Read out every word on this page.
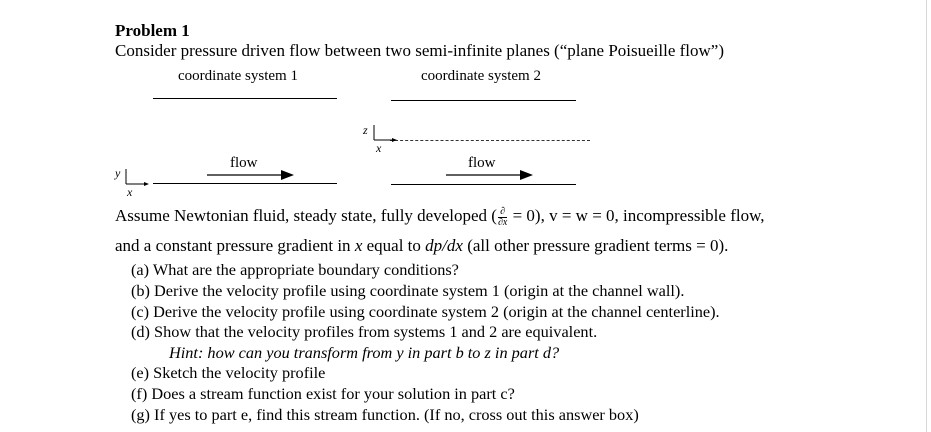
Problem 1
Consider pressure driven flow between two semi-infinite planes (“plane Poisueille flow”)
coordinate system 1	coordinate system 2
flow	flow
y
x
z
x
Assume Newtonian fluid, steady state, fully developed ( $\frac{\partial}{\partial x} = 0$), v = w = 0, incompressible flow,
and a constant pressure gradient in x equal to dp/dx (all other pressure gradient terms = 0).
(a) What are the appropriate boundary conditions?
(b) Derive the velocity profile using coordinate system 1 (origin at the channel wall).
(c) Derive the velocity profile using coordinate system 2 (origin at the channel centerline).
(d) Show that the velocity profiles from systems 1 and 2 are equivalent.
Hint: how can you transform from y in part b to z in part d?
(e) Sketch the velocity profile
(f) Does a stream function exist for your solution in part c?
(g) If yes to part e, find this stream function. (If no, cross out this answer box)
